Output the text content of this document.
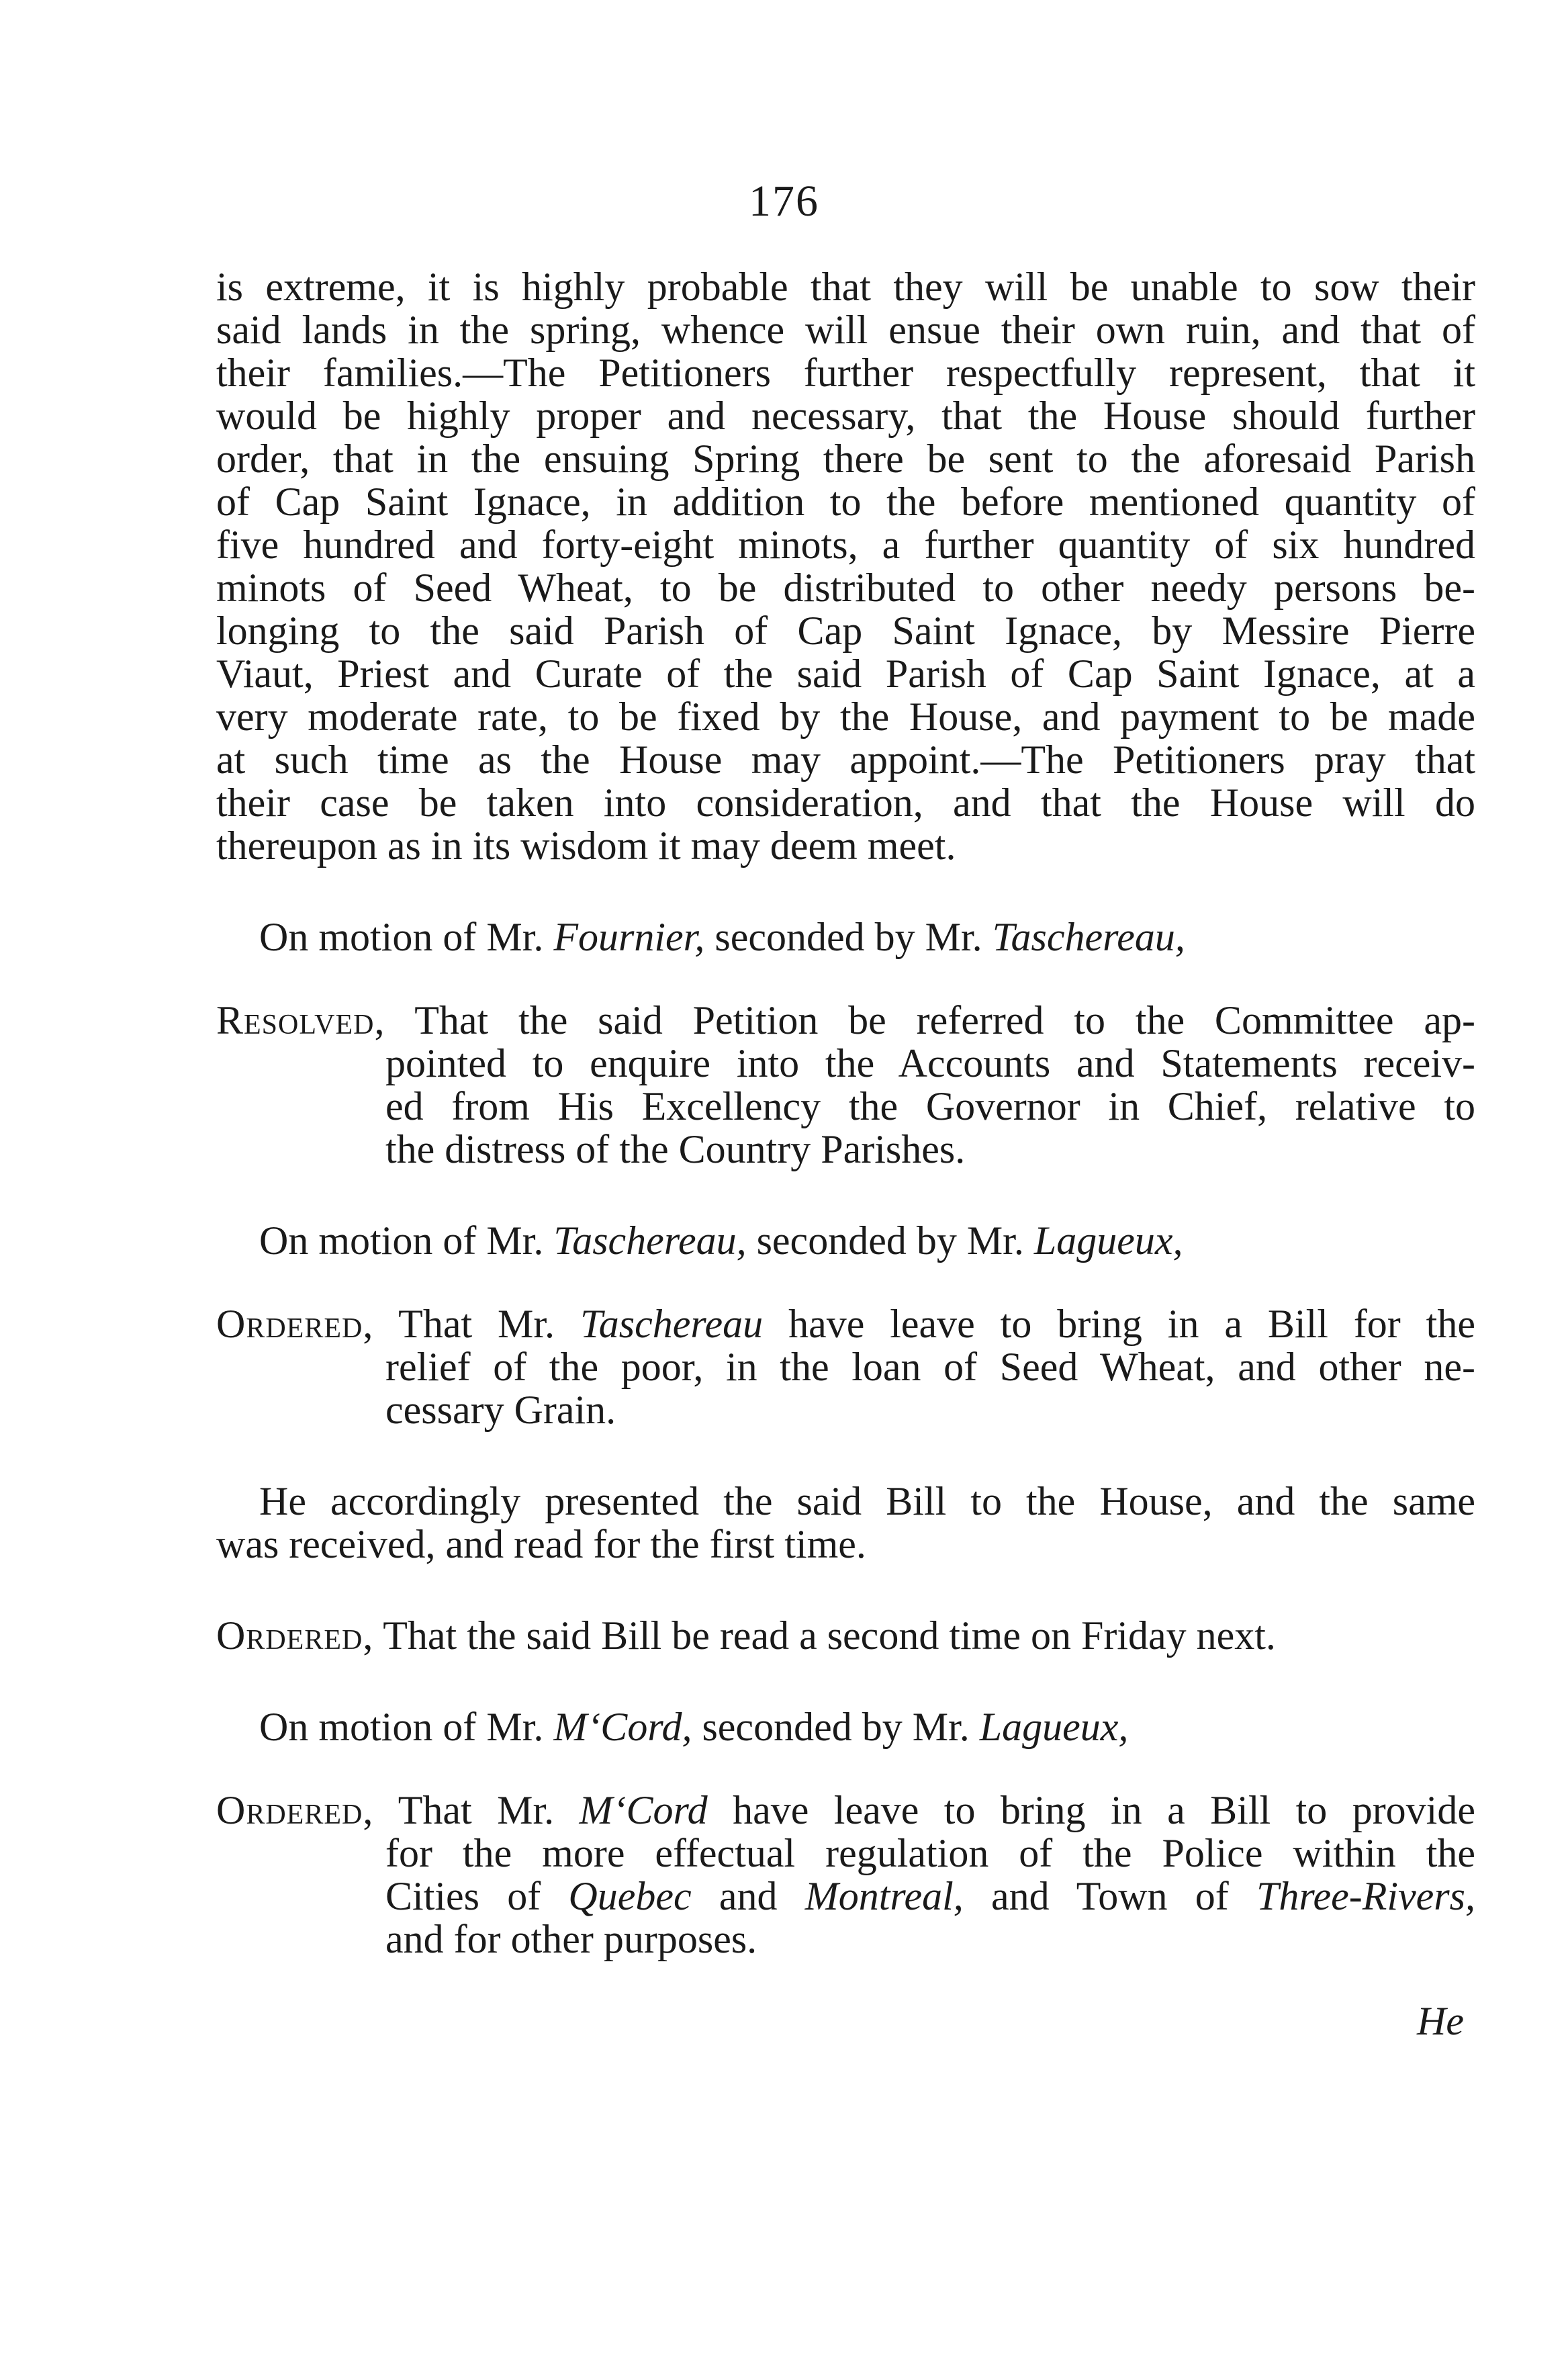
176

is extreme, it is highly probable that they will be unable to sow their

said lands in the spring, whence will ensue their own ruin, and that of

their families.—The Petitioners further respectfully represent, that it

would be highly proper and necessary, that the House should further

order, that in the ensuing Spring there be sent to the aforesaid Parish

of Cap Saint Ignace, in addition to the before mentioned quantity of

five hundred and forty-eight minots, a further quantity of six hundred

minots of Seed Wheat, to be distributed to other needy persons be-

longing to the said Parish of Cap Saint Ignace, by Messire Pierre

Viaut, Priest and Curate of the said Parish of Cap Saint Ignace, at a

very moderate rate, to be fixed by the House, and payment to be made

at such time as the House may appoint.—The Petitioners pray that

their case be taken into consideration, and that the House will do

thereupon as in its wisdom it may deem meet.

On motion of Mr. Fournier, seconded by Mr. Taschereau,

Resolved, That the said Petition be referred to the Committee ap-

pointed to enquire into the Accounts and Statements receiv-

ed from His Excellency the Governor in Chief, relative to

the distress of the Country Parishes.

On motion of Mr. Taschereau, seconded by Mr. Lagueux,

Ordered, That Mr. Taschereau have leave to bring in a Bill for the

relief of the poor, in the loan of Seed Wheat, and other ne-

cessary Grain.

He accordingly presented the said Bill to the House, and the same

was received, and read for the first time.

Ordered, That the said Bill be read a second time on Friday next.

On motion of Mr. M‘Cord, seconded by Mr. Lagueux,

Ordered, That Mr. M‘Cord have leave to bring in a Bill to provide

for the more effectual regulation of the Police within the

Cities of Quebec and Montreal, and Town of Three-Rivers,

and for other purposes.

He
